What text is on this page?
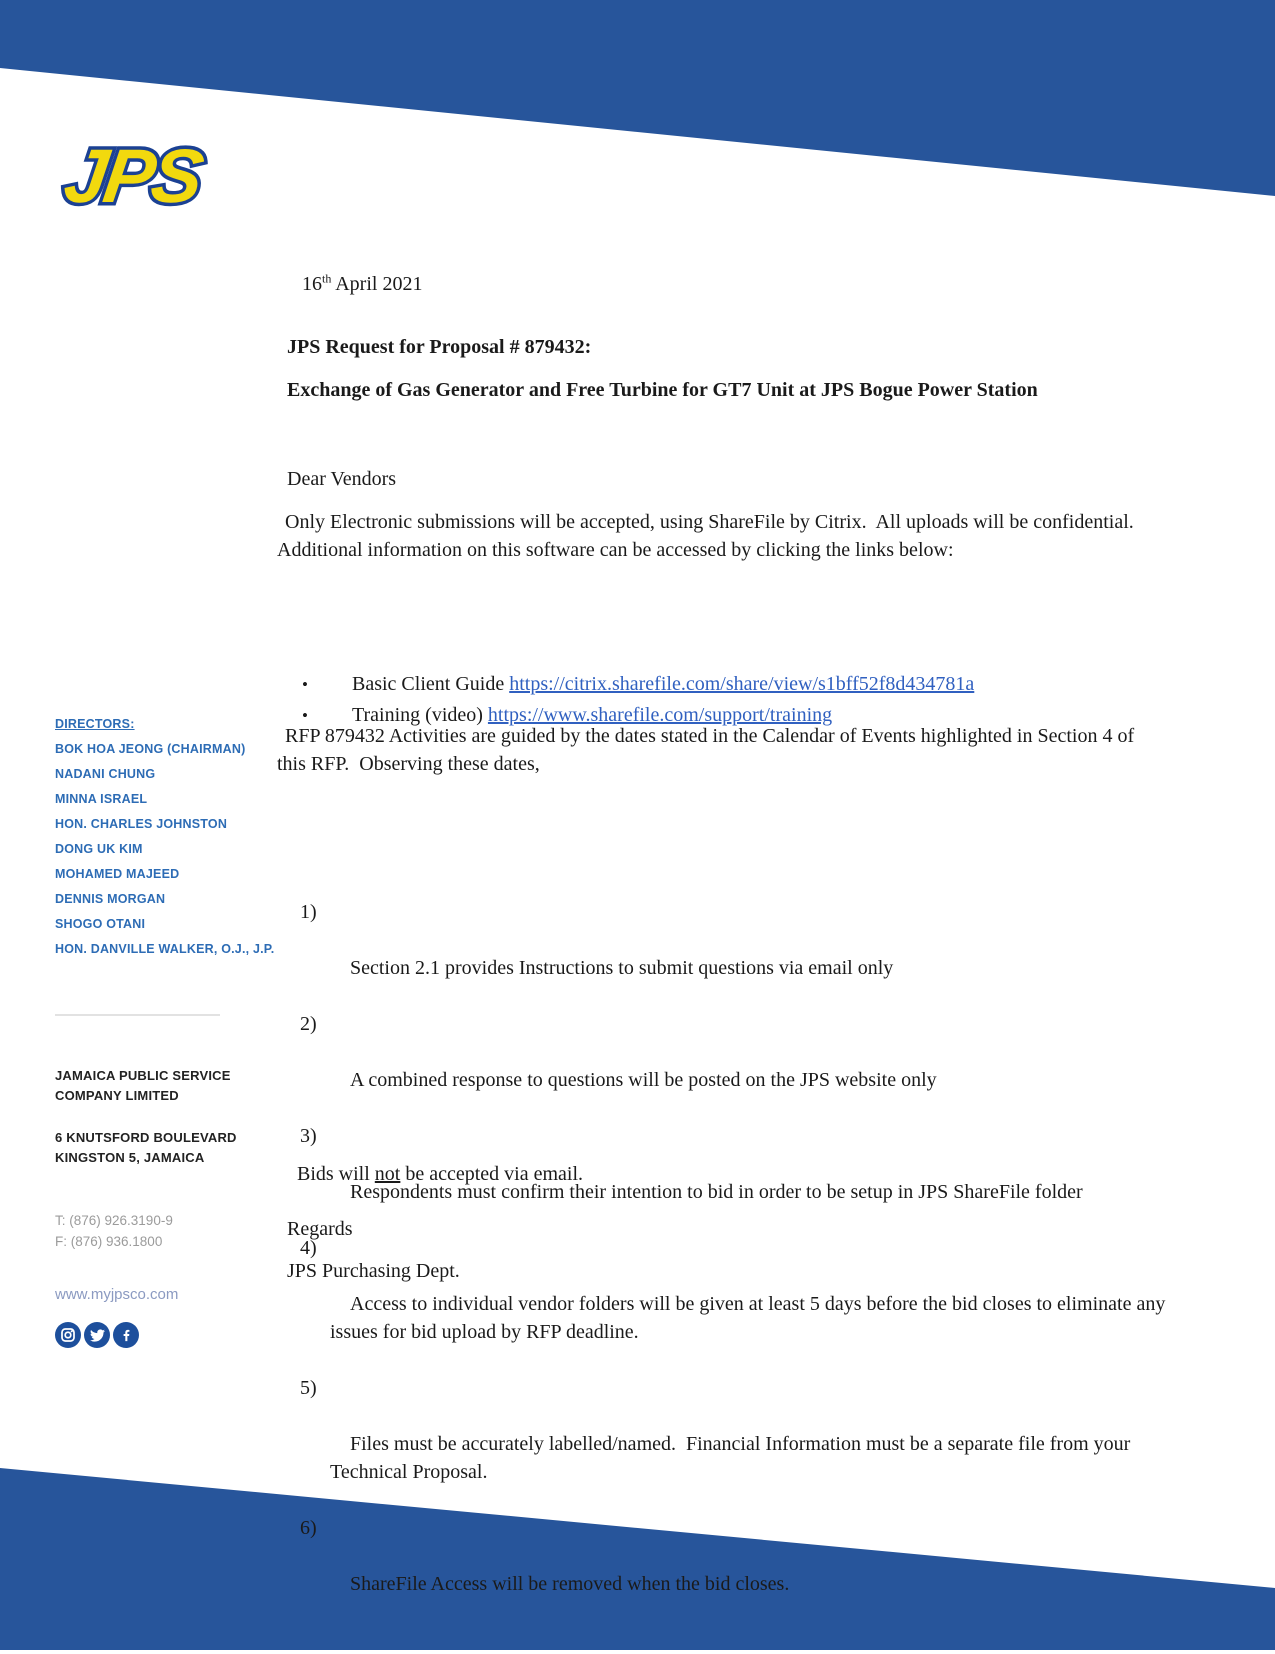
JPS
DIRECTORS:
BOK HOA JEONG (CHAIRMAN)
NADANI CHUNG
MINNA ISRAEL
HON. CHARLES JOHNSTON
DONG UK KIM
MOHAMED MAJEED
DENNIS MORGAN
SHOGO OTANI
HON. DANVILLE WALKER, O.J., J.P.
JAMAICA PUBLIC SERVICE
COMPANY LIMITED
6 KNUTSFORD BOULEVARD
KINGSTON 5, JAMAICA
T: (876) 926.3190-9
F: (876) 936.1800
www.myjpsco.com

16th April 2021

JPS Request for Proposal # 879432:
Exchange of Gas Generator and Free Turbine for GT7 Unit at JPS Bogue Power Station
Dear Vendors
Only Electronic submissions will be accepted, using ShareFile by Citrix.  All uploads will be confidential. Additional information on this software can be accessed by clicking the links below:

•	Basic Client Guide https://citrix.sharefile.com/share/view/s1bff52f8d434781a
•	Training (video) https://www.sharefile.com/support/training

RFP 879432 Activities are guided by the dates stated in the Calendar of Events highlighted in Section 4 of this RFP.  Observing these dates,

1)

Section 2.1 provides Instructions to submit questions via email only

2)

A combined response to questions will be posted on the JPS website only

3)

Respondents must confirm their intention to bid in order to be setup in JPS ShareFile folder

4)

Access to individual vendor folders will be given at least 5 days before the bid closes to eliminate any issues for bid upload by RFP deadline.

5)

Files must be accurately labelled/named.  Financial Information must be a separate file from your Technical Proposal.

6)

ShareFile Access will be removed when the bid closes.

Bids will not be accepted via email.

Regards
JPS Purchasing Dept.
